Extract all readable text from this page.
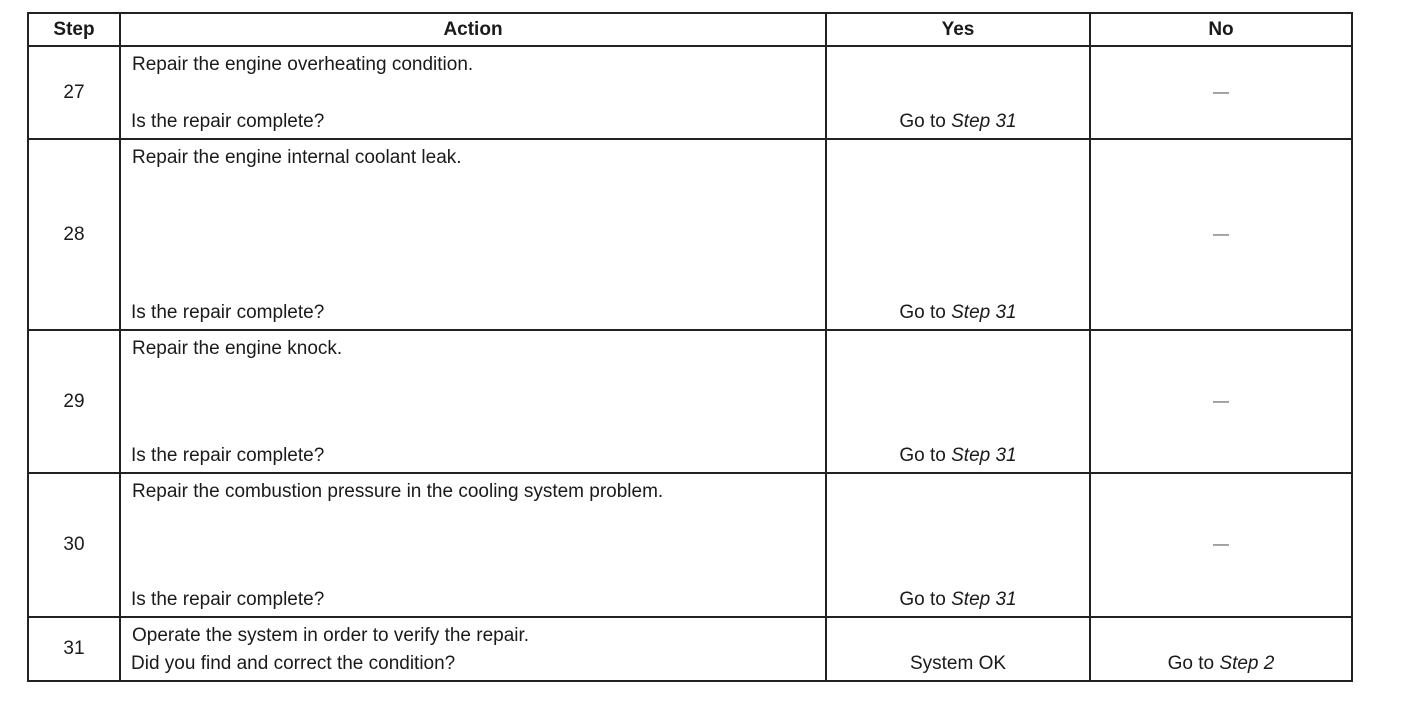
Step	Action	Yes	No
27	Repair the engine overheating condition.
Is the repair complete?	Go to Step 31	—

28	Repair the engine internal coolant leak.
Is the repair complete?	Go to Step 31	—

29	Repair the engine knock.
Is the repair complete?	Go to Step 31	—

30	Repair the combustion pressure in the cooling system problem.
Is the repair complete?	Go to Step 31	—

31	Operate the system in order to verify the repair.
Did you find and correct the condition?	System OK	Go to Step 2
